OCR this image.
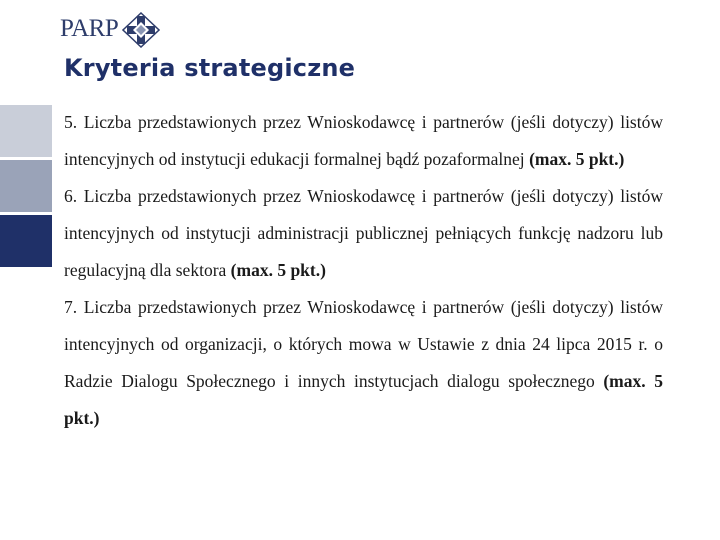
PARP
Kryteria strategiczne

5. Liczba przedstawionych przez Wnioskodawcę i partnerów (jeśli dotyczy) listów intencyjnych od instytucji edukacji formalnej bądź pozaformalnej (max. 5 pkt.)

6. Liczba przedstawionych przez Wnioskodawcę i partnerów (jeśli dotyczy) listów intencyjnych od instytucji administracji publicznej pełniących funkcję nadzoru lub regulacyjną dla sektora (max. 5 pkt.)

7. Liczba przedstawionych przez Wnioskodawcę i partnerów (jeśli dotyczy) listów intencyjnych od organizacji, o których mowa w Ustawie z dnia 24 lipca 2015 r. o Radzie Dialogu Społecznego i innych instytucjach dialogu społecznego (max. 5 pkt.)
